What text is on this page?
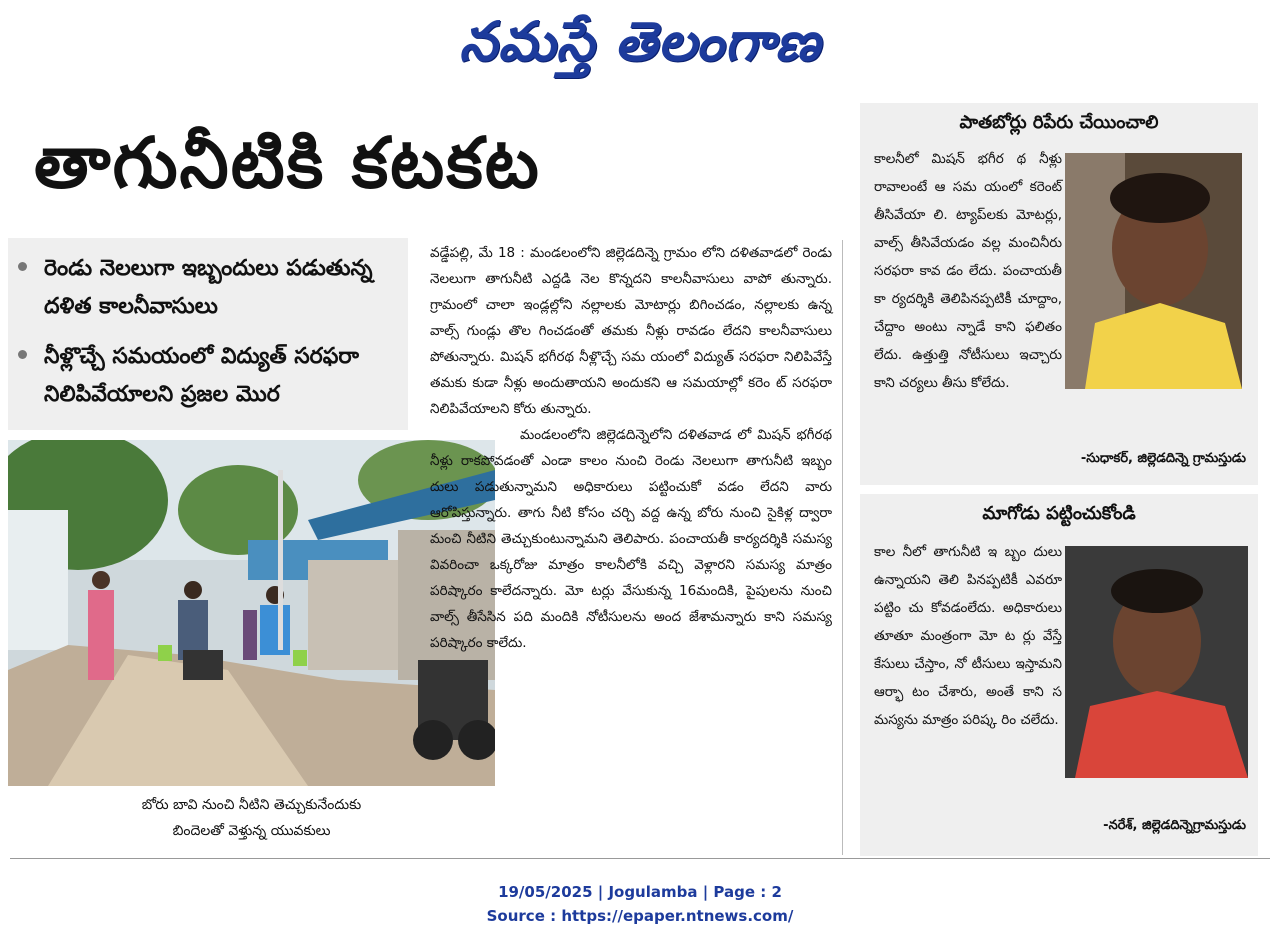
నమస్తే తెలంగాణ
తాగునీటికి కటకట
రెండు నెలలుగా ఇబ్బందులు పడుతున్న దళిత కాలనీవాసులు
నీళ్లొచ్చే సమయంలో విద్యుత్ సరఫరా నిలిపివేయాలని ప్రజల మొర
బోరు బావి నుంచి నీటిని తెచ్చుకునేందుకు
బిందెలతో వెళ్తున్న యువకులు

వడ్డేపల్లి, మే 18 : మండలంలోని జిల్లెడదిన్నె గ్రామం లోని దళితవాడలో రెండు నెలలుగా తాగునీటి ఎద్దడి నెల కొన్నదని కాలనీవాసులు వాపో తున్నారు. గ్రామంలో చాలా ఇండ్లల్లోని నల్లాలకు మోటార్లు బిగించడం, నల్లాలకు ఉన్న వాల్స్ గుండ్లు తొల గించడంతో తమకు నీళ్లు రావడం లేదని కాలనీవాసులు పోతున్నారు. మిషన్ భగీరథ నీళ్లొచ్చే సమ యంలో విద్యుత్ సరఫరా నిలిపివేస్తే తమకు కుడా నీళ్లు అందుతాయని అందుకని ఆ సమయాల్లో కరెం ట్ సరఫరా నిలిపివేయాలని కోరు తున్నారు.

మండలంలోని జిల్లెడదిన్నెలోని దళితవాడ లో మిషన్ భగీరథ నీళ్లు రాకపోవడంతో ఎండా కాలం నుంచి రెండు నెలలుగా తాగునీటి ఇబ్బం దులు పడుతున్నామని అధికారులు పట్టించుకో వడం లేదని వారు ఆరోపిస్తున్నారు. తాగు నీటి కోసం చర్చి వద్ద ఉన్న బోరు నుంచి సైకిళ్ల ద్వారా మంచి నీటిని తెచ్చుకుంటున్నామని తెలిపారు. పంచాయతీ కార్యదర్శికి సమస్య వివరించా ఒక్కరోజు మాత్రం కాలనీలోకి వచ్చి వెళ్లారని సమస్య మాత్రం పరిష్కారం కాలేదన్నారు. మో టర్లు వేసుకున్న 16మందికి, పైపులను నుంచి వాల్స్ తీసేసిన పది మందికి నోటీసులను అంద జేశామన్నారు కాని సమస్య పరిష్కారం కాలేదు.

పాతబోర్లు రిపేరు చేయించాలి
కాలనీలో మిషన్ భగీర థ నీళ్లు రావాలంటే ఆ సమ యంలో కరెంట్ తీసివేయా లి. ట్యాప్‌లకు మోటర్లు, వాల్స్ తీసివేయడం వల్ల మంచినీరు సరఫరా కావ డం లేదు. పంచాయతీ కా ర్యదర్శికి తెలిపినప్పటికీ చూద్దాం, చేద్దాం అంటు న్నాడే కాని ఫలితం లేదు. ఉత్తుత్తి నోటీసులు ఇచ్చారు కాని చర్యలు తీసు కోలేదు.
-సుధాకర్, జిల్లెడదిన్నె గ్రామస్తుడు
మాగోడు పట్టించుకోండి
కాల నీలో తాగునీటి ఇ బ్బం దులు ఉన్నాయని తెలి పినప్పటికీ ఎవరూ పట్టిం చు కోవడంలేదు. అధికారులు తూతూ మంత్రంగా మో ట ర్లు వేస్తే కేసులు చేస్తాం, నో టీసులు ఇస్తామని ఆర్భా టం చేశారు, అంతే కాని స మస్యను మాత్రం పరిష్క రిం చలేదు.
-నరేశ్, జిల్లెడదిన్నెగ్రామస్తుడు
19/05/2025 | Jogulamba | Page : 2
Source : https://epaper.ntnews.com/
